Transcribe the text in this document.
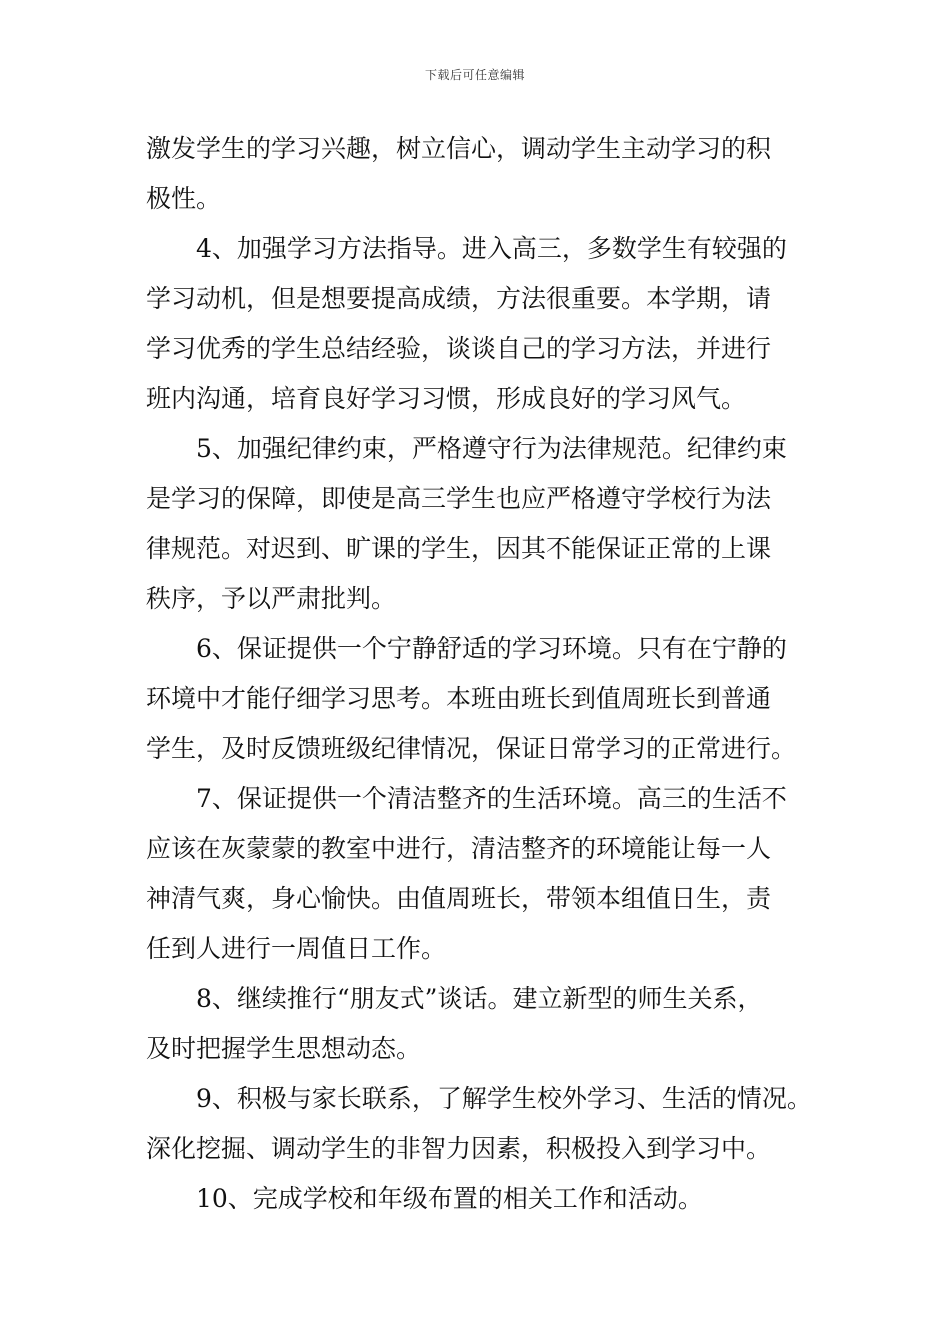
下载后可任意编辑

激发学生的学习兴趣，树立信心，调动学生主动学习的积
极性。

4、加强学习方法指导。进入高三，多数学生有较强的
学习动机，但是想要提高成绩，方法很重要。本学期，请
学习优秀的学生总结经验，谈谈自己的学习方法，并进行
班内沟通，培育良好学习习惯，形成良好的学习风气。

5、加强纪律约束，严格遵守行为法律规范。纪律约束
是学习的保障，即使是高三学生也应严格遵守学校行为法
律规范。对迟到、旷课的学生，因其不能保证正常的上课
秩序，予以严肃批判。

6、保证提供一个宁静舒适的学习环境。只有在宁静的
环境中才能仔细学习思考。本班由班长到值周班长到普通
学生，及时反馈班级纪律情况，保证日常学习的正常进行。

7、保证提供一个清洁整齐的生活环境。高三的生活不
应该在灰蒙蒙的教室中进行，清洁整齐的环境能让每一人
神清气爽，身心愉快。由值周班长，带领本组值日生，责
任到人进行一周值日工作。

8、继续推行“朋友式”谈话。建立新型的师生关系，
及时把握学生思想动态。

9、积极与家长联系，了解学生校外学习、生活的情况。
深化挖掘、调动学生的非智力因素，积极投入到学习中。

10、完成学校和年级布置的相关工作和活动。
